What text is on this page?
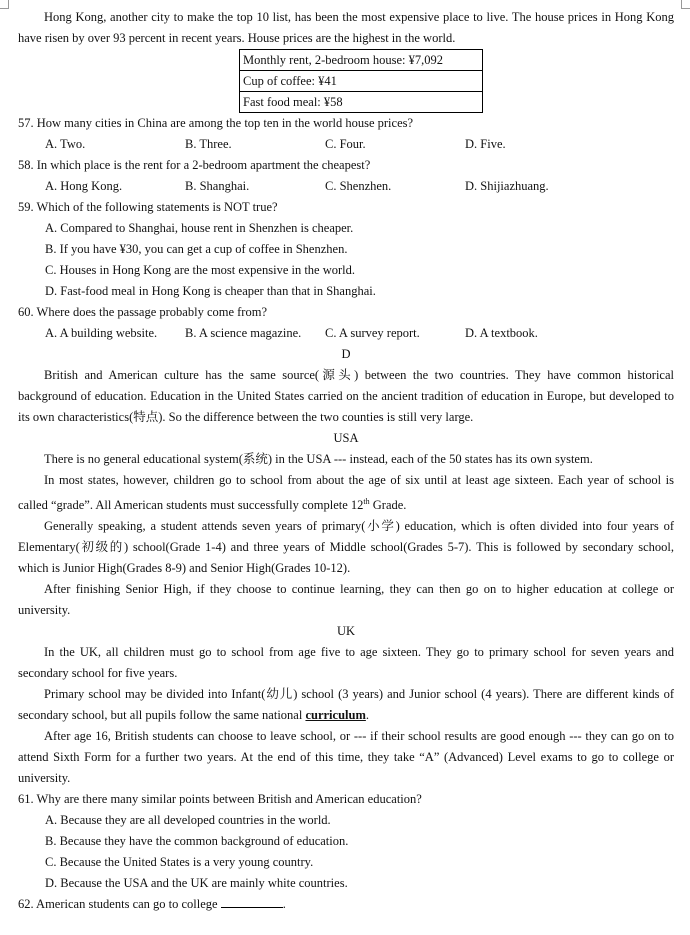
Hong Kong, another city to make the top 10 list, has been the most expensive place to live. The house prices in Hong Kong have risen by over 93 percent in recent years. House prices are the highest in the world.

Monthly rent, 2-bedroom house: ¥7,092
Cup of coffee: ¥41
Fast food meal: ¥58
57. How many cities in China are among the top ten in the world house prices?
A. Two.	B. Three.	C. Four.	D. Five.
58. In which place is the rent for a 2-bedroom apartment the cheapest?
A. Hong Kong.	B. Shanghai.	C. Shenzhen.	D. Shijiazhuang.
59. Which of the following statements is NOT true?
A. Compared to Shanghai, house rent in Shenzhen is cheaper.
B. If you have ¥30, you can get a cup of coffee in Shenzhen.
C. Houses in Hong Kong are the most expensive in the world.
D. Fast-food meal in Hong Kong is cheaper than that in Shanghai.
60. Where does the passage probably come from?
A. A building website.	B. A science magazine.	C. A survey report.	D. A textbook.
D

British and American culture has the same source(源头) between the two countries. They have common historical background of education. Education in the United States carried on the ancient tradition of education in Europe, but developed to its own characteristics(特点). So the difference between the two counties is still very large.

USA

There is no general educational system(系统) in the USA --- instead, each of the 50 states has its own system.

In most states, however, children go to school from about the age of six until at least age sixteen. Each year of school is called “grade”. All American students must successfully complete 12th Grade.

Generally speaking, a student attends seven years of primary(小学) education, which is often divided into four years of Elementary(初级的) school(Grade 1-4) and three years of Middle school(Grades 5-7). This is followed by secondary school, which is Junior High(Grades 8-9) and Senior High(Grades 10-12).

After finishing Senior High, if they choose to continue learning, they can then go on to higher education at college or university.

UK

In the UK, all children must go to school from age five to age sixteen. They go to primary school for seven years and secondary school for five years.

Primary school may be divided into Infant(幼儿) school (3 years) and Junior school (4 years). There are different kinds of secondary school, but all pupils follow the same national curriculum.

After age 16, British students can choose to leave school, or --- if their school results are good enough --- they can go on to attend Sixth Form for a further two years. At the end of this time, they take “A” (Advanced) Level exams to go to college or university.

61. Why are there many similar points between British and American education?
A. Because they are all developed countries in the world.
B. Because they have the common background of education.
C. Because the United States is a very young country.
D. Because the USA and the UK are mainly white countries.
62. American students can go to college	.
